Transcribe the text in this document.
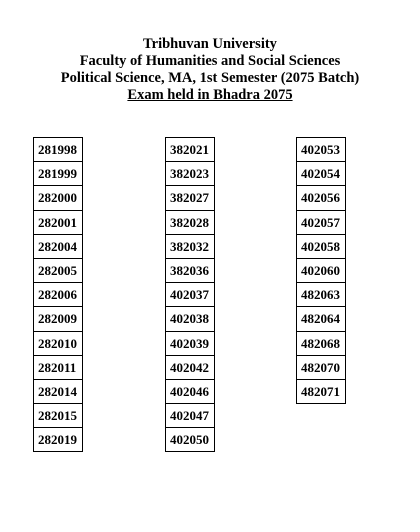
Tribhuvan University
Faculty of Humanities and Social Sciences
Political Science, MA, 1st Semester (2075 Batch)
Exam held in Bhadra 2075
281998
281999
282000
282001
282004
282005
282006
282009
282010
282011
282014
282015
282019
382021
382023
382027
382028
382032
382036
402037
402038
402039
402042
402046
402047
402050
402053
402054
402056
402057
402058
402060
482063
482064
482068
482070
482071
